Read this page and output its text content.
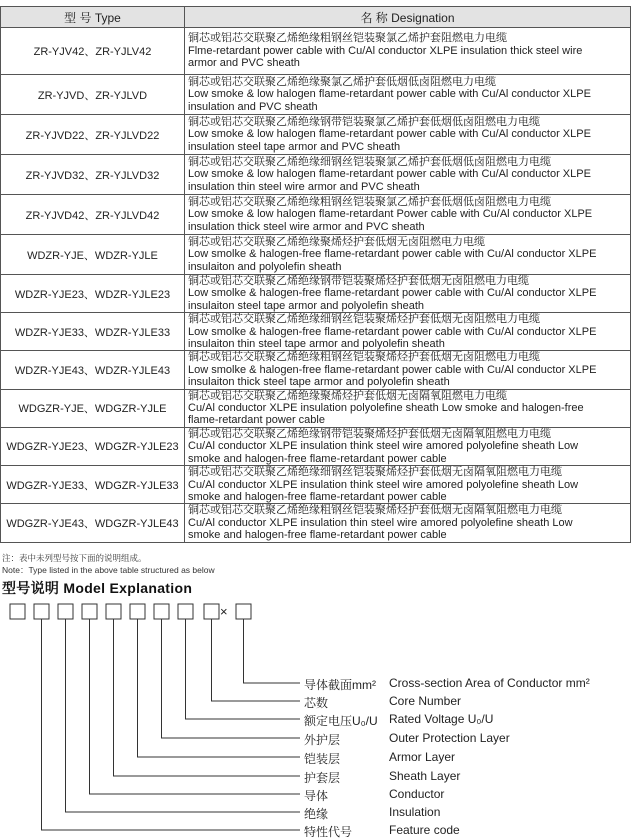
型 号 Type	名 称 Designation
ZR-YJV42、ZR-YJLV42	铜芯或铝芯交联聚乙烯绝缘粗钢丝铠装聚氯乙烯护套阻燃电力电缆
Flme-retardant power cable with Cu/Al conductor XLPE insulation thick steel wire
armor and PVC sheath

ZR-YJVD、ZR-YJLVD	铜芯或铝芯交联聚乙烯绝缘聚氯乙烯护套低烟低卤阻燃电力电缆
Low smoke & low halogen flame-retardant power cable with Cu/Al conductor XLPE
insulation and PVC sheath

ZR-YJVD22、ZR-YJLVD22	铜芯或铝芯交联聚乙烯绝缘钢带铠装聚氯乙烯护套低烟低卤阻燃电力电缆
Low smoke & low halogen flame-retardant power cable with Cu/Al conductor XLPE
insulation steel tape armor and PVC sheath

ZR-YJVD32、ZR-YJLVD32	铜芯或铝芯交联聚乙烯绝缘细钢丝铠装聚氯乙烯护套低烟低卤阻燃电力电缆
Low smoke & low halogen flame-retardant power cable with Cu/Al conductor XLPE
insulation thin steel wire armor and PVC sheath

ZR-YJVD42、ZR-YJLVD42	铜芯或铝芯交联聚乙烯绝缘粗钢丝铠装聚氯乙烯护套低烟低卤阻燃电力电缆
Low smoke & low halogen flame-retardant Power cable with Cu/Al conductor XLPE
insulation thick steel wire armor and PVC sheath

WDZR-YJE、WDZR-YJLE	铜芯或铝芯交联聚乙烯绝缘聚烯烃护套低烟无卤阻燃电力电缆
Low smolke & halogen-free flame-retardant power cable with Cu/Al conductor XLPE
insulaiton and polyolefin sheath

WDZR-YJE23、WDZR-YJLE23	铜芯或铝芯交联聚乙烯绝缘钢带铠装聚烯烃护套低烟无卤阻燃电力电缆
Low smolke & halogen-free flame-retardant power cable with Cu/Al conductor XLPE
insulaiton steel tape armor and polyolefin sheath

WDZR-YJE33、WDZR-YJLE33	铜芯或铝芯交联聚乙烯绝缘细钢丝铠装聚烯烃护套低烟无卤阻燃电力电缆
Low smolke & halogen-free flame-retardant power cable with Cu/Al conductor XLPE
insulaiton thin steel tape armor and polyolefin sheath

WDZR-YJE43、WDZR-YJLE43	铜芯或铝芯交联聚乙烯绝缘粗钢丝铠装聚烯烃护套低烟无卤阻燃电力电缆
Low smolke & halogen-free flame-retardant power cable with Cu/Al conductor XLPE
insulaiton thick steel tape armor and polyolefin sheath

WDGZR-YJE、WDGZR-YJLE	铜芯或铝芯交联聚乙烯绝缘聚烯烃护套低烟无卤隔氧阻燃电力电缆
Cu/Al conductor XLPE insulation polyolefine sheath Low smoke and halogen-free
flame-retardant power cable

WDGZR-YJE23、WDGZR-YJLE23	铜芯或铝芯交联聚乙烯绝缘钢带铠装聚烯烃护套低烟无卤隔氧阻燃电力电缆
Cu/Al conductor XLPE insulation think steel wire amored polyolefine sheath Low
smoke and halogen-free flame-retardant power cable

WDGZR-YJE33、WDGZR-YJLE33	铜芯或铝芯交联聚乙烯绝缘细钢丝铠装聚烯烃护套低烟无卤隔氧阻燃电力电缆
Cu/Al conductor XLPE insulation think steel wire amored polyolefine sheath Low
smoke and halogen-free flame-retardant power cable

WDGZR-YJE43、WDGZR-YJLE43	铜芯或铝芯交联聚乙烯绝缘粗钢丝铠装聚烯烃护套低烟无卤隔氧阻燃电力电缆
Cu/Al conductor XLPE insulation thin steel wire amored polyolefine sheath Low
smoke and halogen-free flame-retardant power cable
注：表中未列型号按下面的说明组成。
Note：Type listed in the above table structured as below
型号说明 Model Explanation
×
导体截面mm² Cross-section Area of Conductor mm²
芯数	Core Number
额定电压U₀/U Rated Voltage U₀/U
外护层	Outer Protection Layer
铠装层	Armor Layer
护套层	Sheath Layer
导体	Conductor
绝缘	Insulation
特性代号	Feature code
